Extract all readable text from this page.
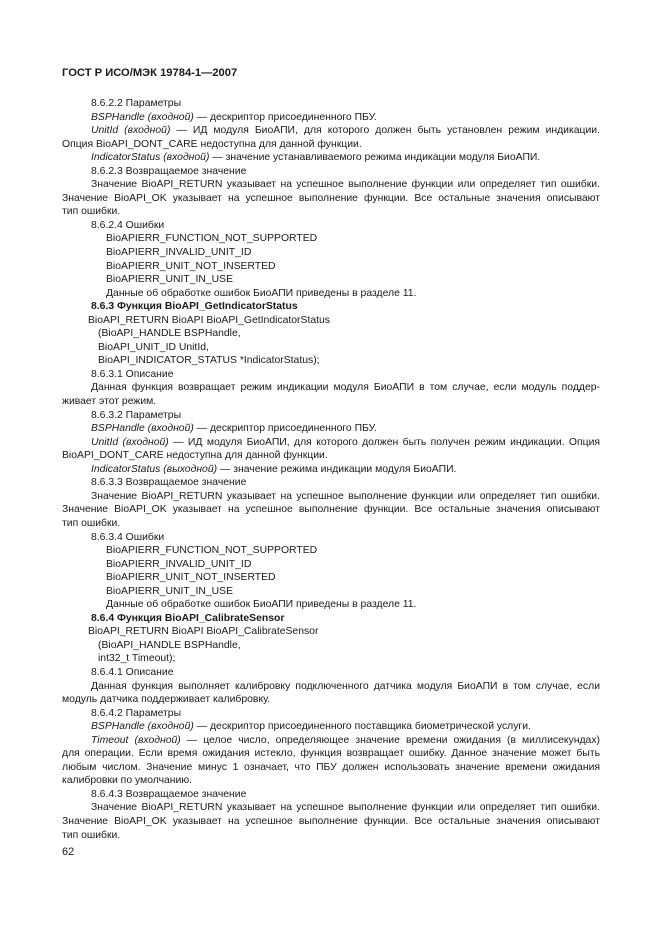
ГОСТ Р ИСО/МЭК 19784-1—2007
8.6.2.2 Параметры
BSPHandle (входной) — дескриптор присоединенного ПБУ.
UnitId (входной) — ИД модуля БиоАПИ, для которого должен быть установлен режим индикации.
Опция BioAPI_DONT_CARE недоступна для данной функции.
IndicatorStatus (входной) — значение устанавливаемого режима индикации модуля БиоАПИ.
8.6.2.3 Возвращаемое значение
Значение BioAPI_RETURN указывает на успешное выполнение функции или определяет тип ошибки.
Значение BioAPI_OK указывает на успешное выполнение функции. Все остальные значения описывают
тип ошибки.
8.6.2.4 Ошибки
BioAPIERR_FUNCTION_NOT_SUPPORTED
BioAPIERR_INVALID_UNIT_ID
BioAPIERR_UNIT_NOT_INSERTED
BioAPIERR_UNIT_IN_USE
Данные об обработке ошибок БиоАПИ приведены в разделе 11.
8.6.3 Функция BioAPI_GetIndicatorStatus
BioAPI_RETURN BioAPI BioAPI_GetIndicatorStatus
(BioAPI_HANDLE BSPHandle,
BioAPI_UNIT_ID UnitId,
BioAPI_INDICATOR_STATUS *IndicatorStatus);
8.6.3.1 Описание
Данная функция возвращает режим индикации модуля БиоАПИ в том случае, если модуль поддер-
живает этот режим.
8.6.3.2 Параметры
BSPHandle (входной) — дескриптор присоединенного ПБУ.
UnitId (входной) — ИД модуля БиоАПИ, для которого должен быть получен режим индикации. Опция
BioAPI_DONT_CARE недоступна для данной функции.
IndicatorStatus (выходной) — значение режима индикации модуля БиоАПИ.
8.6.3.3 Возвращаемое значение
Значение BioAPI_RETURN указывает на успешное выполнение функции или определяет тип ошибки.
Значение BioAPI_OK указывает на успешное выполнение функции. Все остальные значения описывают
тип ошибки.
8.6.3.4 Ошибки
BioAPIERR_FUNCTION_NOT_SUPPORTED
BioAPIERR_INVALID_UNIT_ID
BioAPIERR_UNIT_NOT_INSERTED
BioAPIERR_UNIT_IN_USE
Данные об обработке ошибок БиоАПИ приведены в разделе 11.
8.6.4 Функция BioAPI_CalibrateSensor
BioAPI_RETURN BioAPI BioAPI_CalibrateSensor
(BioAPI_HANDLE BSPHandle,
int32_t Timeout);
8.6.4.1 Описание
Данная функция выполняет калибровку подключенного датчика модуля БиоАПИ в том случае, если
модуль датчика поддерживает калибровку.
8.6.4.2 Параметры
BSPHandle (входной) — дескриптор присоединенного поставщика биометрической услуги.
Timeout (входной) — целое число, определяющее значение времени ожидания (в миллисекундах)
для операции. Если время ожидания истекло, функция возвращает ошибку. Данное значение может быть
любым числом. Значение минус 1 означает, что ПБУ должен использовать значение времени ожидания
калибровки по умолчанию.
8.6.4.3 Возвращаемое значение
Значение BioAPI_RETURN указывает на успешное выполнение функции или определяет тип ошибки.
Значение BioAPI_OK указывает на успешное выполнение функции. Все остальные значения описывают
тип ошибки.
62
